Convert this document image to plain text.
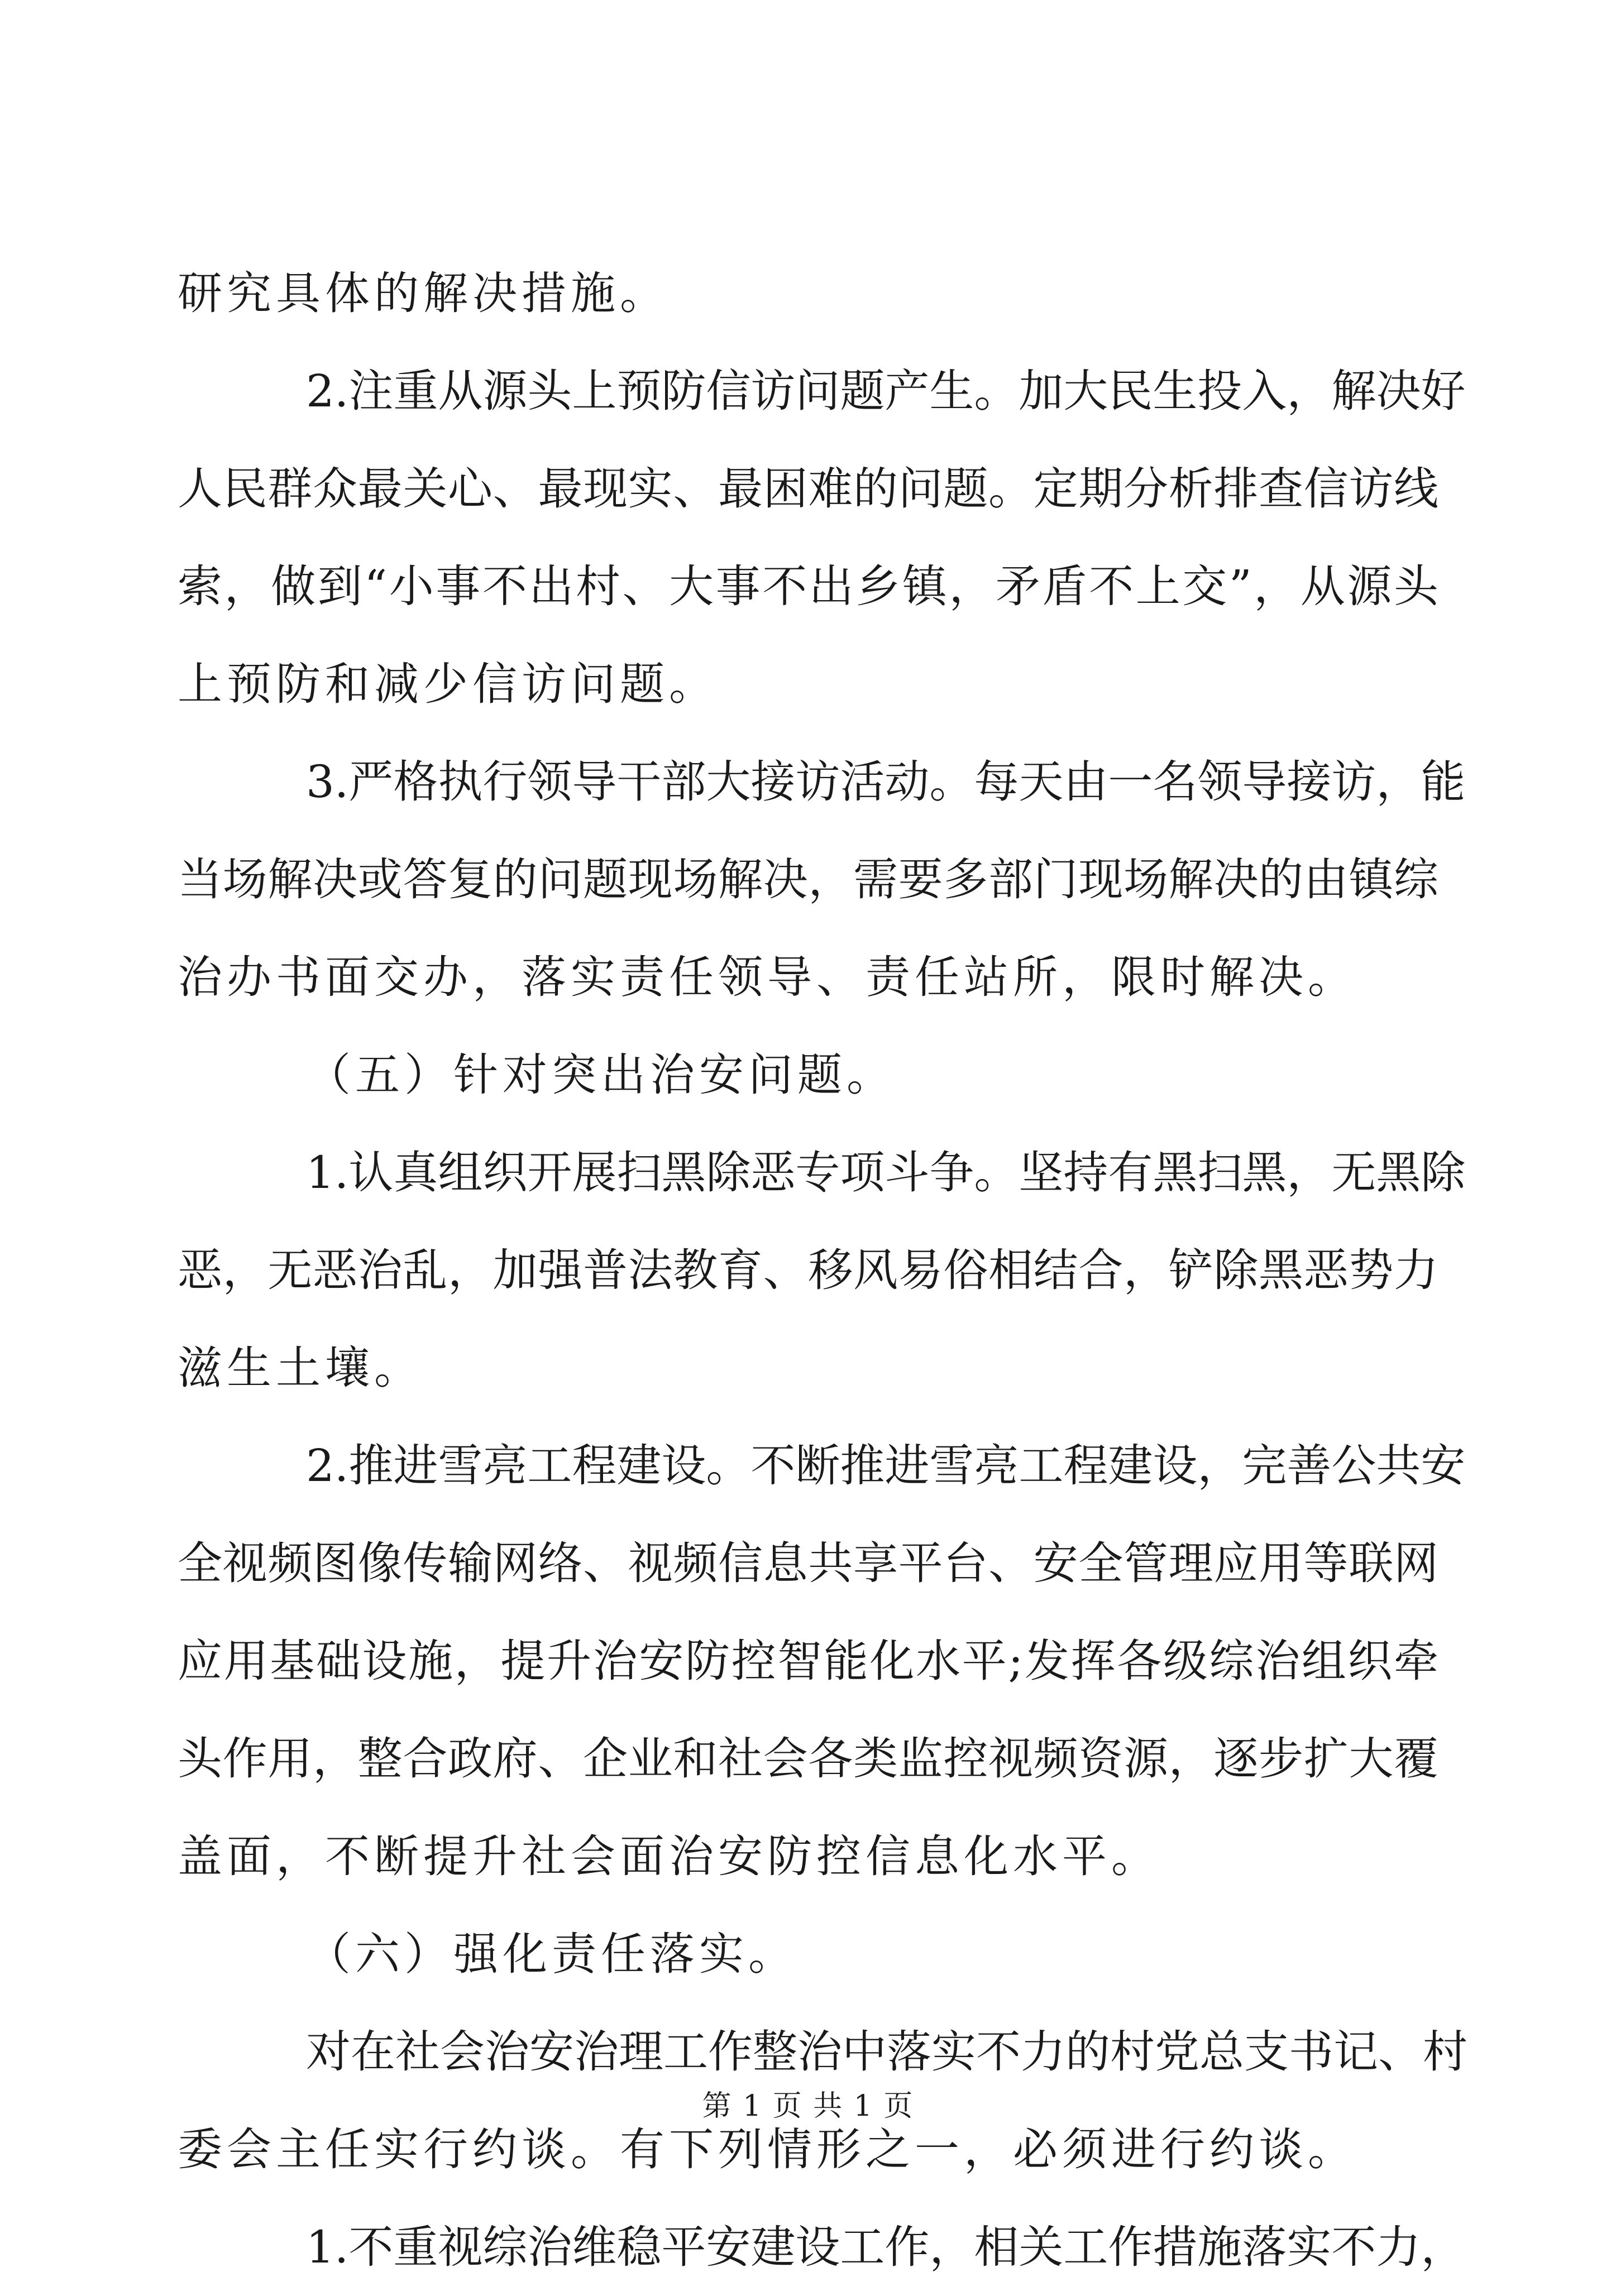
研究具体的解决措施。
2.注重从源头上预防信访问题产生。加大民生投入，解决好
人民群众最关心、最现实、最困难的问题。定期分析排查信访线
索，做到“小事不出村、大事不出乡镇，矛盾不上交”，从源头
上预防和减少信访问题。
3.严格执行领导干部大接访活动。每天由一名领导接访，能
当场解决或答复的问题现场解决，需要多部门现场解决的由镇综
治办书面交办，落实责任领导、责任站所，限时解决。
（五）针对突出治安问题。
1.认真组织开展扫黑除恶专项斗争。坚持有黑扫黑，无黑除
恶，无恶治乱，加强普法教育、移风易俗相结合，铲除黑恶势力
滋生土壤。
2.推进雪亮工程建设。不断推进雪亮工程建设，完善公共安
全视频图像传输网络、视频信息共享平台、安全管理应用等联网
应用基础设施，提升治安防控智能化水平;发挥各级综治组织牵
头作用，整合政府、企业和社会各类监控视频资源，逐步扩大覆
盖面，不断提升社会面治安防控信息化水平。
（六）强化责任落实。
对在社会治安治理工作整治中落实不力的村党总支书记、村
委会主任实行约谈。有下列情形之一，必须进行约谈。
1.不重视综治维稳平安建设工作，相关工作措施落实不力，
第 1 页 共 1 页
